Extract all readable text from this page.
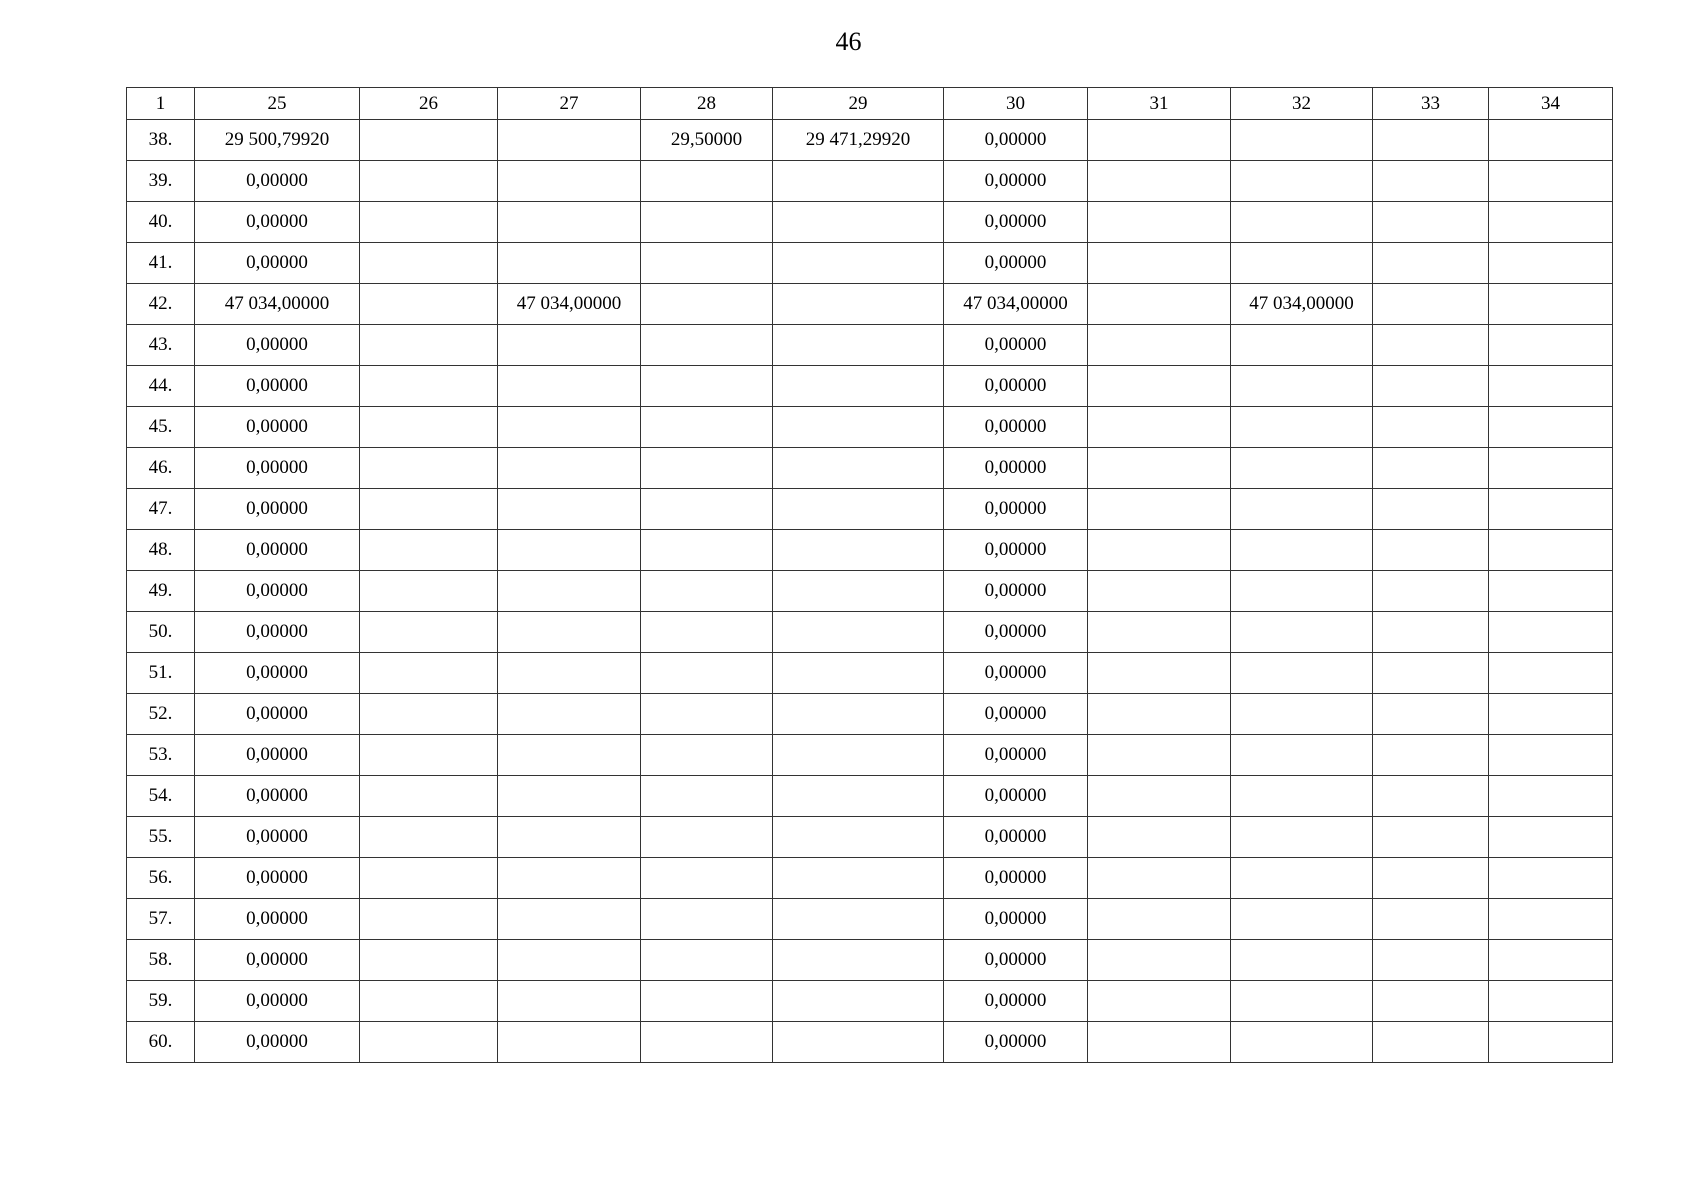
46
1	25	26	27	28	29	30	31	32	33	34
38.	29 500,79920			29,50000	29 471,29920	0,00000				
39.	0,00000					0,00000				
40.	0,00000					0,00000				
41.	0,00000					0,00000				
42.	47 034,00000		47 034,00000			47 034,00000		47 034,00000		
43.	0,00000					0,00000				
44.	0,00000					0,00000				
45.	0,00000					0,00000				
46.	0,00000					0,00000				
47.	0,00000					0,00000				
48.	0,00000					0,00000				
49.	0,00000					0,00000				
50.	0,00000					0,00000				
51.	0,00000					0,00000				
52.	0,00000					0,00000				
53.	0,00000					0,00000				
54.	0,00000					0,00000				
55.	0,00000					0,00000				
56.	0,00000					0,00000				
57.	0,00000					0,00000				
58.	0,00000					0,00000				
59.	0,00000					0,00000				
60.	0,00000					0,00000				
